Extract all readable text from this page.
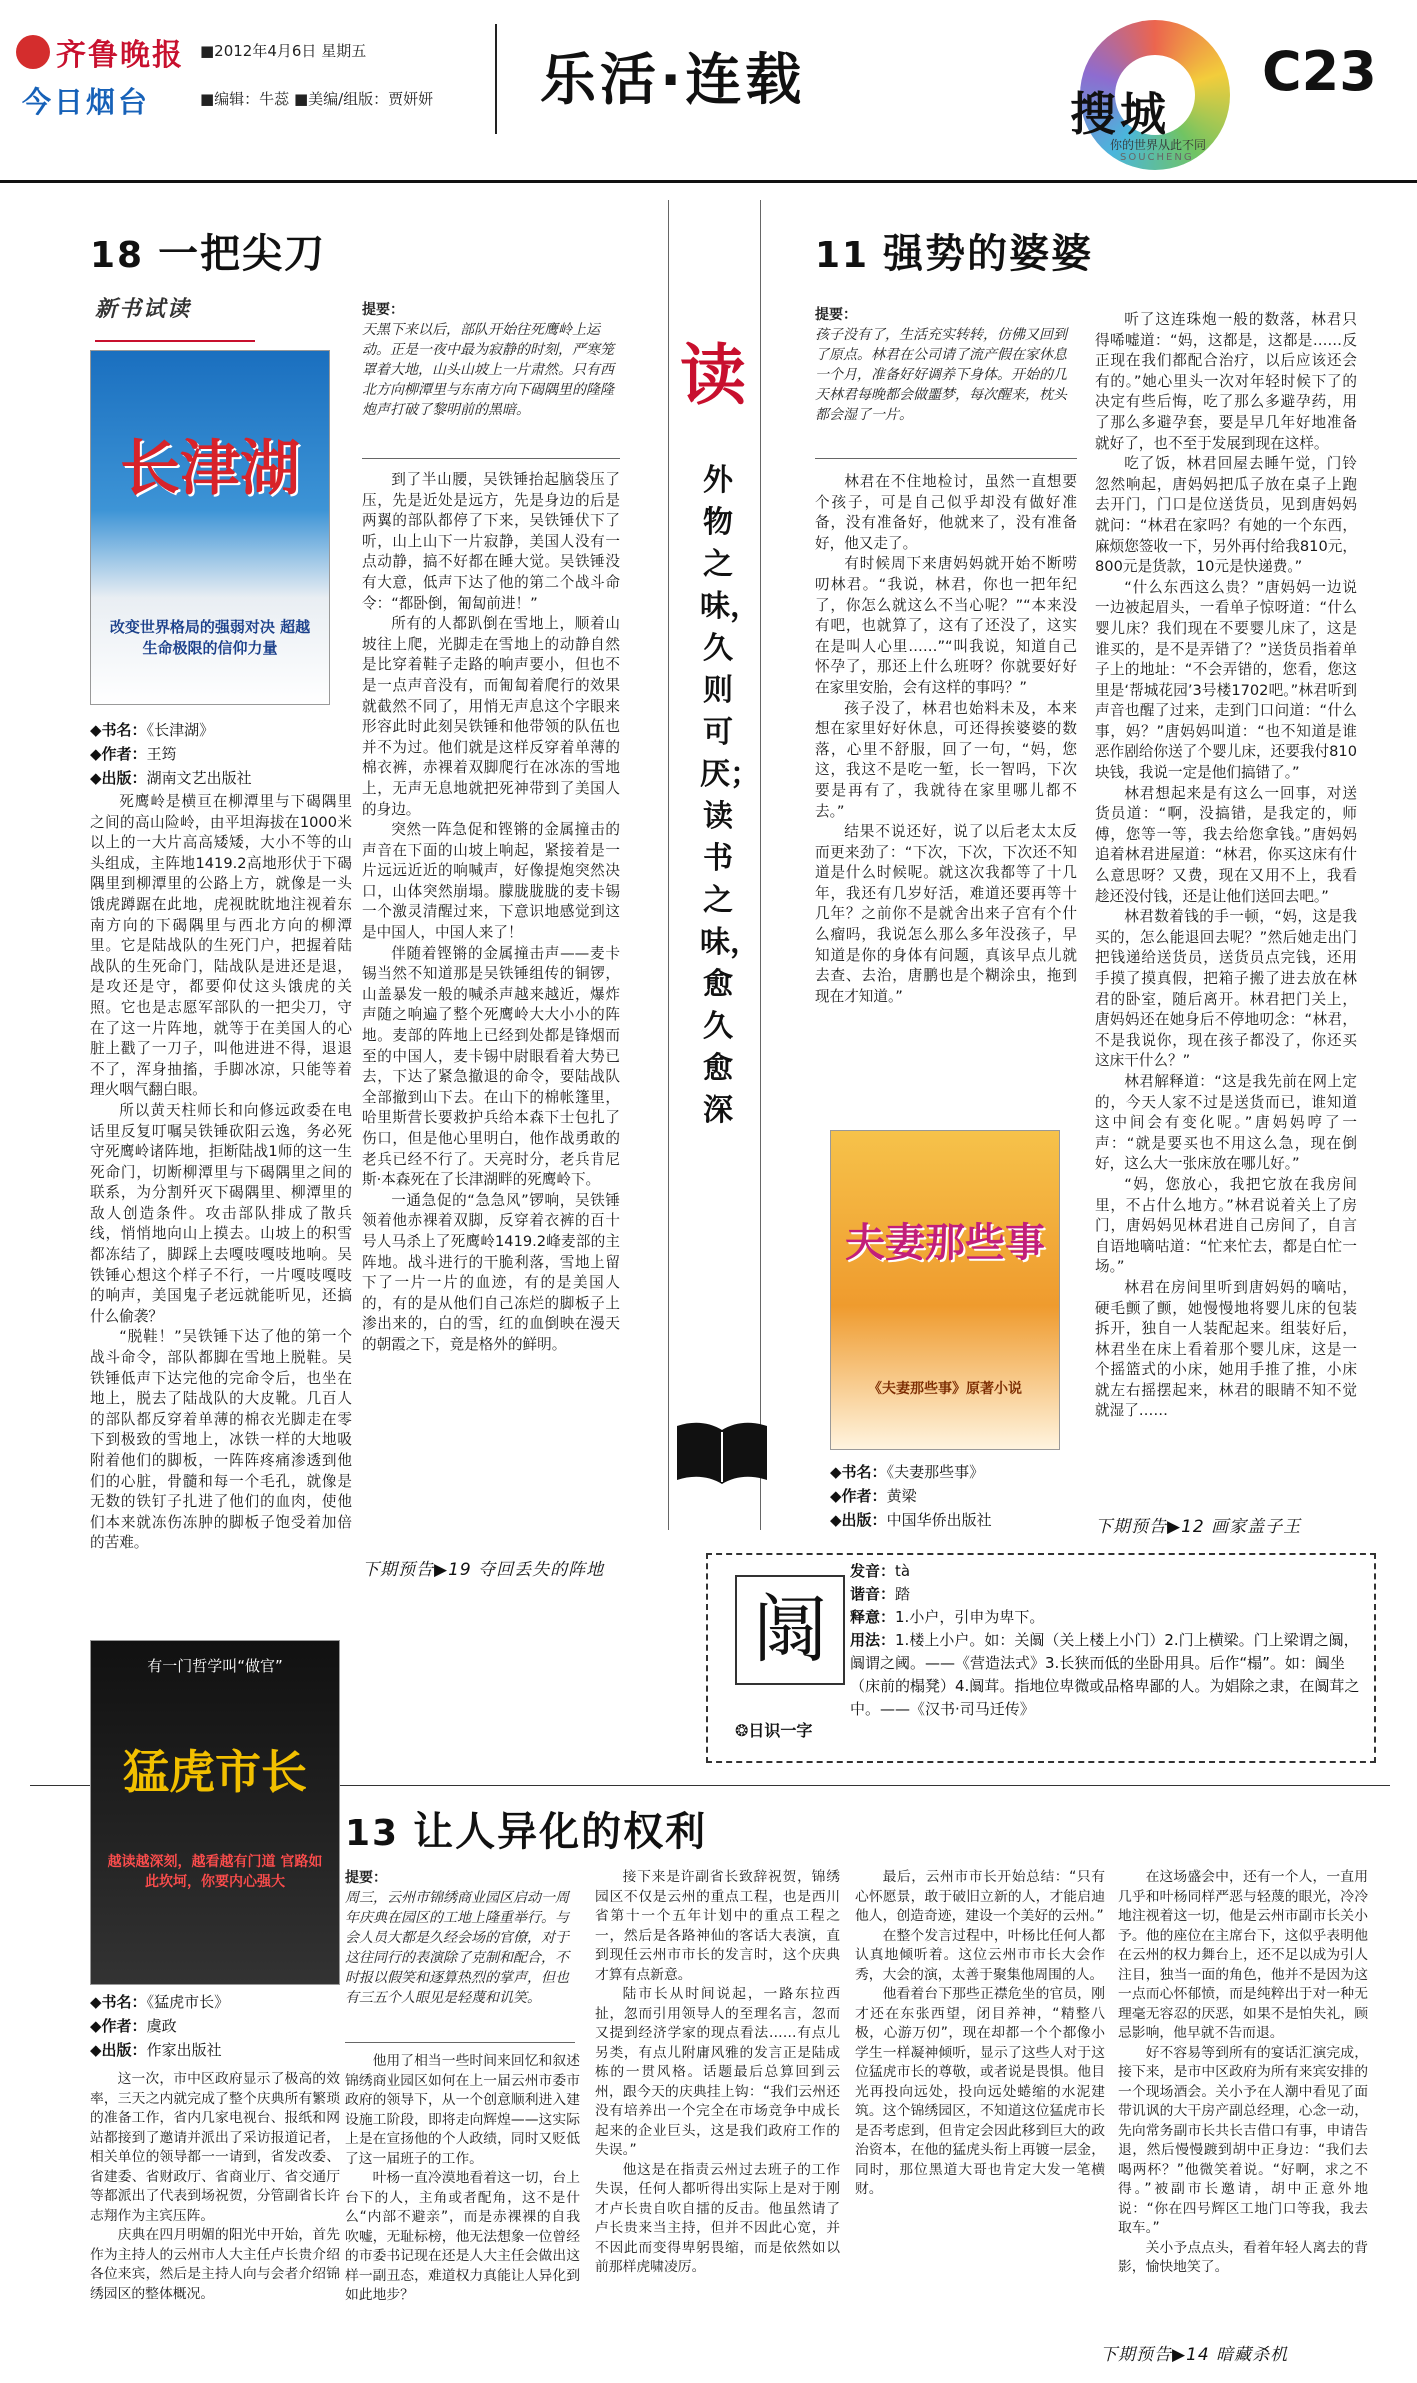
齐鲁晚报
今日烟台
■2012年4月6日 星期五
■编辑：牛蕊 ■美编/组版：贾妍妍 乐活·连载
搜城
你的世界从此不同
SOUCHENG
C23
18 一把尖刀
新书试读
长津湖
改变世界格局的强弱对决 超越生命极限的信仰力量
◆书名：《长津湖》
◆作者：王筠
◆出版：湖南文艺出版社
提要：
天黑下来以后，部队开始往死鹰岭上运动。正是一夜中最为寂静的时刻，严寒笼罩着大地，山头山坡上一片肃然。只有西北方向柳潭里与东南方向下碣隅里的隆隆炮声打破了黎明前的黑暗。

死鹰岭是横亘在柳潭里与下碣隅里之间的高山险岭，由平坦海拔在1000米以上的一大片高高矮矮，大小不等的山头组成，主阵地1419.2高地形伏于下碣隅里到柳潭里的公路上方，就像是一头饿虎蹲踞在此地，虎视眈眈地注视着东南方向的下碣隅里与西北方向的柳潭里。它是陆战队的生死门户，把握着陆战队的生死命门，陆战队是进还是退，是攻还是守，都要仰仗这头饿虎的关照。它也是志愿军部队的一把尖刀，守在了这一片阵地，就等于在美国人的心脏上戳了一刀子，叫他进进不得，退退不了，浑身抽搐，手脚冰凉，只能等着理火咽气翻白眼。

所以黄天柱师长和向修远政委在电话里反复叮嘱吴铁锤砍阳云逸，务必死守死鹰岭诸阵地，拒断陆战1师的这一生死命门，切断柳潭里与下碣隅里之间的联系，为分割歼灭下碣隅里、柳潭里的敌人创造条件。攻击部队排成了散兵线，悄悄地向山上摸去。山坡上的积雪都冻结了，脚踩上去嘎吱嘎吱地响。吴铁锤心想这个样子不行，一片嘎吱嘎吱的响声，美国鬼子老远就能听见，还搞什么偷袭？

“脱鞋！”吴铁锤下达了他的第一个战斗命令，部队都脚在雪地上脱鞋。吴铁锤低声下达完他的完命令后，也坐在地上，脱去了陆战队的大皮靴。几百人的部队都反穿着单薄的棉衣光脚走在零下到极致的雪地上，冰铁一样的大地吸附着他们的脚板，一阵阵疼痛渗透到他们的心脏，骨髓和每一个毛孔，就像是无数的铁钉子扎进了他们的血肉，使他们本来就冻伤冻肿的脚板子饱受着加倍的苦难。

到了半山腰，吴铁锤抬起脑袋压了压，先是近处是远方，先是身边的后是两翼的部队都停了下来，吴铁锤伏下了听，山上山下一片寂静，美国人没有一点动静，搞不好都在睡大觉。吴铁锤没有大意，低声下达了他的第二个战斗命令：“都卧倒，匍匐前进！”

所有的人都趴倒在雪地上，顺着山坡往上爬，光脚走在雪地上的动静自然是比穿着鞋子走路的响声要小，但也不是一点声音没有，而匍匐着爬行的效果就截然不同了，用悄无声息这个字眼来形容此时此刻吴铁锤和他带领的队伍也并不为过。他们就是这样反穿着单薄的棉衣裤，赤裸着双脚爬行在冰冻的雪地上，无声无息地就把死神带到了美国人的身边。

突然一阵急促和铿锵的金属撞击的声音在下面的山坡上响起，紧接着是一片远远近近的响喊声，好像提炮突然决口，山体突然崩塌。朦胧胧胧的麦卡锡一个激灵清醒过来，下意识地感觉到这是中国人，中国人来了！

伴随着铿锵的金属撞击声——麦卡锡当然不知道那是吴铁锤组传的铜锣，山盖暴发一般的喊杀声越来越近，爆炸声随之响遍了整个死鹰岭大大小小的阵地。麦部的阵地上已经到处都是锋烟而至的中国人，麦卡锡中尉眼看着大势已去，下达了紧急撤退的命令，要陆战队全部撤到山下去。在山下的棉帐篷里，哈里斯营长要救护兵给本森下士包扎了伤口，但是他心里明白，他作战勇敢的老兵已经不行了。天亮时分，老兵肯尼斯·本森死在了长津湖畔的死鹰岭下。

一通急促的“急急风”锣响，吴铁锤领着他赤裸着双脚，反穿着衣裤的百十号人马杀上了死鹰岭1419.2峰麦部的主阵地。战斗进行的干脆利落，雪地上留下了一片一片的血迹，有的是美国人的，有的是从他们自己冻烂的脚板子上渗出来的，白的雪，红的血倒映在漫天的朝霞之下，竟是格外的鲜明。

下期预告▶19 夺回丢失的阵地
读
外物之味，久则可厌；读书之味，愈久愈深
11 强势的婆婆
提要：
孩子没有了，生活充实转转，仿佛又回到了原点。林君在公司请了流产假在家休息一个月，准备好好调养下身体。开始的几天林君每晚都会做噩梦，每次醒来，枕头都会湿了一片。

林君在不住地检讨，虽然一直想要个孩子，可是自己似乎却没有做好准备，没有准备好，他就来了，没有准备好，他又走了。

有时候周下来唐妈妈就开始不断唠叨林君。“我说，林君，你也一把年纪了，你怎么就这么不当心呢？”“本来没有吧，也就算了，这有了还没了，这实在是叫人心里……”“叫我说，知道自己怀孕了，那还上什么班呀？你就要好好在家里安胎，会有这样的事吗？”

孩子没了，林君也始料未及，本来想在家里好好休息，可还得挨婆婆的数落，心里不舒服，回了一句，“妈，您这，我这不是吃一堑，长一智吗，下次要是再有了，我就待在家里哪儿都不去。”

结果不说还好，说了以后老太太反而更来劲了：“下次，下次，下次还不知道是什么时候呢。就这次我都等了十几年，我还有几岁好活，难道还要再等十几年？之前你不是就舍出来子宫有个什么瘤吗，我说怎么那么多年没孩子，早知道是你的身体有问题，真该早点儿就去查、去治，唐鹏也是个糊涂虫，拖到现在才知道。”

夫妻那些事
《夫妻那些事》原著小说
◆书名：《夫妻那些事》
◆作者：黄梁
◆出版：中国华侨出版社

听了这连珠炮一般的数落，林君只得唏嘘道：“妈，这都是，这都是……反正现在我们都配合治疗，以后应该还会有的。”她心里头一次对年轻时候下了的决定有些后悔，吃了那么多避孕药，用了那么多避孕套，要是早几年好地准备就好了，也不至于发展到现在这样。

吃了饭，林君回屋去睡午觉，门铃忽然响起，唐妈妈把瓜子放在桌子上跑去开门，门口是位送货员，见到唐妈妈就问：“林君在家吗？有她的一个东西，麻烦您签收一下，另外再付给我810元，800元是货款，10元是快递费。”

“什么东西这么贵？”唐妈妈一边说一边被起眉头，一看单子惊呀道：“什么婴儿床？我们现在不要婴儿床了，这是谁买的，是不是弄错了？”送货员指着单子上的地址：“不会弄错的，您看，您这里是‘帮城花园’3号楼1702吧。”林君听到声音也醒了过来，走到门口问道：“什么事，妈？”唐妈妈叫道：“也不知道是谁恶作剧给你送了个婴儿床，还要我付810块钱，我说一定是他们搞错了。”

林君想起来是有这么一回事，对送货员道：“啊，没搞错，是我定的，师傅，您等一等，我去给您拿钱。”唐妈妈追着林君进屋道：“林君，你买这床有什么意思呀？又费，现在又用不上，我看趁还没付钱，还是让他们送回去吧。”

林君数着钱的手一顿，“妈，这是我买的，怎么能退回去呢？”然后她走出门把钱递给送货员，送货员点完钱，还用手摸了摸真假，把箱子搬了进去放在林君的卧室，随后离开。林君把门关上，唐妈妈还在她身后不停地叨念：“林君，不是我说你，现在孩子都没了，你还买这床干什么？”

林君解释道：“这是我先前在网上定的，今天人家不过是送货而已，谁知道这中间会有变化呢。”唐妈妈哼了一声：“就是要买也不用这么急，现在倒好，这么大一张床放在哪儿好。”

“妈，您放心，我把它放在我房间里，不占什么地方。”林君说着关上了房门，唐妈妈见林君进自己房间了，自言自语地嘀咕道：“忙来忙去，都是白忙一场。”

林君在房间里听到唐妈妈的嘀咕，硬毛颤了颤，她慢慢地将婴儿床的包装拆开，独自一人装配起来。组装好后，林君坐在床上看着那个婴儿床，这是一个摇篮式的小床，她用手推了推，小床就左右摇摆起来，林君的眼睛不知不觉就湿了……

下期预告▶12 画家盖子王
阘
❂日识一字
发音：tà
谐音：踏
释意：1.小户，引申为卑下。
用法：1.楼上小户。如：关阘（关上楼上小门）2.门上横梁。门上梁谓之阘，阘谓之阈。——《营造法式》3.长狭而低的坐卧用具。后作“榻”。如：阘坐（床前的榻凳）4.阘茸。指地位卑微或品格卑鄙的人。为娼除之隶，在阘茸之中。——《汉书·司马迁传》
有一门哲学叫“做官”
猛虎市长
越读越深刻，越看越有门道 官路如此坎坷，你要内心强大
◆书名：《猛虎市长》
◆作者：虞政
◆出版：作家出版社
13 让人异化的权利
提要：
周三，云州市锦绣商业园区启动一周年庆典在园区的工地上隆重举行。与会人员大都是久经会场的官僚，对于这往同行的表演除了克制和配合，不时报以假笑和逐算热烈的掌声，但也有三五个人眼见是轻蔑和讥笑。

这一次，市中区政府显示了极高的效率，三天之内就完成了整个庆典所有繁琐的准备工作，省内几家电视台、报纸和网站都接到了邀请并派出了采访报道记者，相关单位的领导都一一请到，省发改委、省建委、省财政厅、省商业厅、省交通厅等都派出了代表到场祝贺，分管副省长许志翔作为主宾压阵。

庆典在四月明媚的阳光中开始，首先作为主持人的云州市人大主任卢长贵介绍各位来宾，然后是主持人向与会者介绍锦绣园区的整体概况。

他用了相当一些时间来回忆和叙述锦绣商业园区如何在上一届云州市委市政府的领导下，从一个创意顺利进入建设施工阶段，即将走向辉煌——这实际上是在宣扬他的个人政绩，同时又贬低了这一届班子的工作。

叶杨一直冷漠地看着这一切，台上台下的人，主角或者配角，这不是什么“内部不避亲”，而是赤裸裸的自我吹嘘，无耻标榜，他无法想象一位曾经的市委书记现在还是人大主任会做出这样一副丑态，难道权力真能让人异化到如此地步？

接下来是许副省长致辞祝贺，锦绣园区不仅是云州的重点工程，也是西川省第十一个五年计划中的重点工程之一，然后是各路神仙的客话大表演，直到现任云州市市长的发言时，这个庆典才算有点新意。

陆市长从时间说起，一路东拉西扯，忽而引用领导人的至理名言，忽而又提到经济学家的现点看法……有点儿另类，有点儿附庸风雅的发言正是陆成栋的一贯风格。话题最后总算回到云州，跟今天的庆典挂上钩：“我们云州还没有培养出一个完全在市场竞争中成长起来的企业巨头，这是我们政府工作的失误。”

他这是在指责云州过去班子的工作失误，任何人都听得出实际上是对于刚才卢长贵自吹自擂的反击。他虽然请了卢长贵来当主持，但并不因此心宽，并不因此而变得卑躬畏缩，而是依然如以前那样虎啸凌厉。

最后，云州市市长开始总结：“只有心怀愿景，敢于破旧立新的人，才能启迪他人，创造奇迹，建设一个美好的云州。”

在整个发言过程中，叶杨比任何人都认真地倾听着。这位云州市市长大会作秀，大会的演，太善于聚集他周围的人。

他看着台下那些正襟危坐的官员，刚才还在东张西望，闭目养神，“精整八极，心游万仞”，现在却都一个个都像小学生一样凝神倾听，显示了这些人对于这位猛虎市长的尊敬，或者说是畏惧。他目光再投向远处，投向远处蜷缩的水泥建筑。这个锦绣园区，不知道这位猛虎市长是否考虑到，但肯定会因此移到巨大的政治资本，在他的猛虎头衔上再镀一层金，同时，那位黑道大哥也肯定大发一笔横财。

在这场盛会中，还有一个人，一直用几乎和叶杨同样严恶与轻蔑的眼光，冷冷地注视着这一切，他是云州市副市长关小予。他的座位在主席台下，这似乎表明他在云州的权力舞台上，还不足以成为引人注目，独当一面的角色，他并不是因为这一点而心怀郁愤，而是纯粹出于对一种无理毫无容忍的厌恶，如果不是怕失礼，顾忌影响，他早就不告而退。

好不容易等到所有的宴话汇演完成，接下来，是市中区政府为所有来宾安排的一个现场酒会。关小予在人潮中看见了面带讥讽的大干房产副总经理，心念一动，先向常务副市长共长吉借口有事，申请告退，然后慢慢踱到胡中正身边：“我们去喝两杯？”他微笑着说。“好啊，求之不得。”被副市长邀请，胡中正意外地说：“你在四号辉区工地门口等我，我去取车。”

关小予点点头，看着年轻人离去的背影，愉快地笑了。

下期预告▶14 暗藏杀机
